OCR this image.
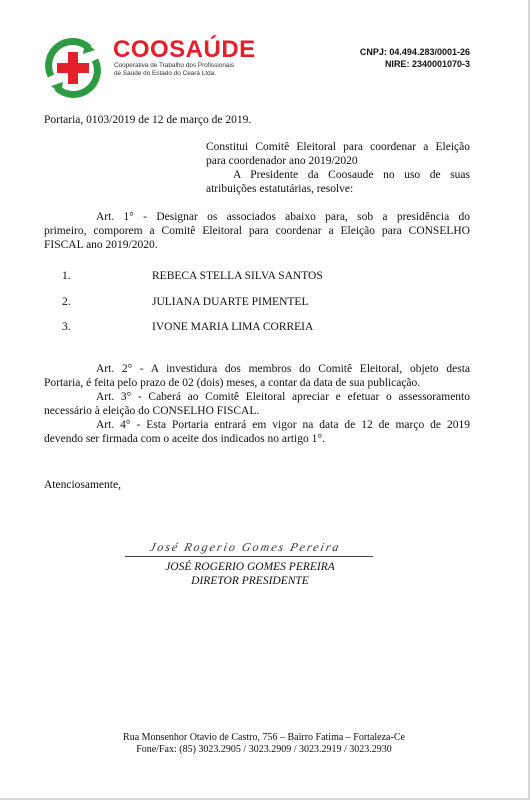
COOSAÚDE
Cooperativa de Trabalho dos Profissionais
de Saúde do Estado do Ceará Ltda.
CNPJ: 04.494.283/0001-26
NIRE: 2340001070-3
Portaria, 0103/2019 de 12 de março de 2019.
Constitui Comitê Eleitoral para coordenar a Eleição
para coordenador ano 2019/2020
A Presidente da Coosaude no uso de suas
atribuições estatutárias, resolve:
Art. 1° - Designar os associados abaixo para, sob a presidência do
primeiro, comporem a Comitê Eleitoral para coordenar a Eleição para CONSELHO
FISCAL ano 2019/2020.
1.	REBECA STELLA SILVA SANTOS
2.	JULIANA DUARTE PIMENTEL
3.	IVONE MARIA LIMA CORREIA
Art. 2° - A investidura dos membros do Comitê Eleitoral, objeto desta
Portaria, é feita pelo prazo de 02 (dois) meses, a contar da data de sua publicação.
Art. 3° - Caberá ao Comitê Eleitoral apreciar e efetuar o assessoramento
necessário à eleição do CONSELHO FISCAL.
Art. 4° - Esta Portaria entrará em vigor na data de 12 de março de 2019
devendo ser firmada com o aceite dos indicados no artigo 1°.
Atenciosamente,
José Rogerio Gomes Pereira
JOSÉ ROGERIO GOMES PEREIRA
DIRETOR PRESIDENTE
Rua Monsenhor Otavio de Castro, 756 – Bairro Fatima – Fortaleza-Ce
Fone/Fax: (85) 3023.2905 / 3023.2909 / 3023.2919 / 3023.2930
